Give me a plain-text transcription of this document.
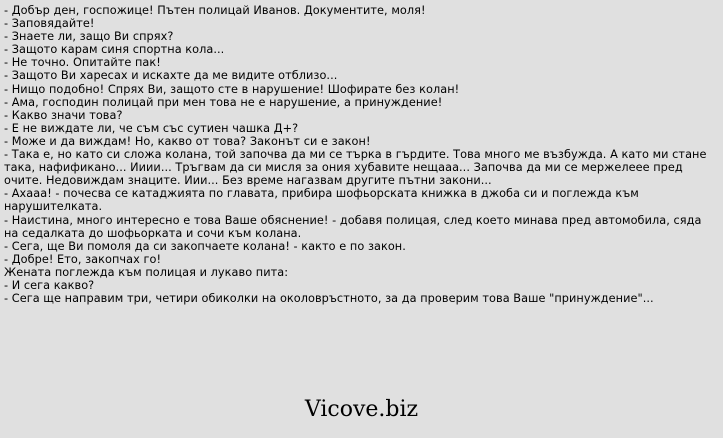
- Добър ден, госпожице! Пътен полицай Иванов. Документите, моля!

- Заповядайте!

- Знаете ли, защо Ви спрях?

- Защото карам синя спортна кола...

- Не точно. Опитайте пак!

- Защото Ви харесах и искахте да ме видите отблизо...

- Нищо подобно! Спрях Ви, защото сте в нарушение! Шофирате без колан!

- Ама, господин полицай при мен това не е нарушение, а принуждение!

- Какво значи това?

- Е не виждате ли, че съм със сутиен чашка Д+?

- Може и да виждам! Но, какво от това? Законът си е закон!

- Така е, но като си сложа колана, той започва да ми се търка в гърдите. Това много ме възбужда. А като ми стане така, нафификано... Ииии... Тръгвам да си мисля за ония хубавите нещааа... Започва да ми се мержелеее пред очите. Недовиждам знаците. Иии... Без време нагазвам другите пътни закони...

- Ахааа! - почесва се катаджията по главата, прибира шофьорската книжка в джоба си и поглежда към нарушителката.

- Наистина, много интересно е това Ваше обяснение! - добавя полицая, след което минава пред автомобила, сяда на седалката до шофьорката и сочи към колана.

- Сега, ще Ви помоля да си закопчаете колана! - както е по закон.

- Добре! Ето, закопчах го!

Жената поглежда към полицая и лукаво пита:

- И сега какво?

- Сега ще направим три, четири обиколки на околовръстното, за да проверим това Ваше "принуждение"...

Vicove.biz
